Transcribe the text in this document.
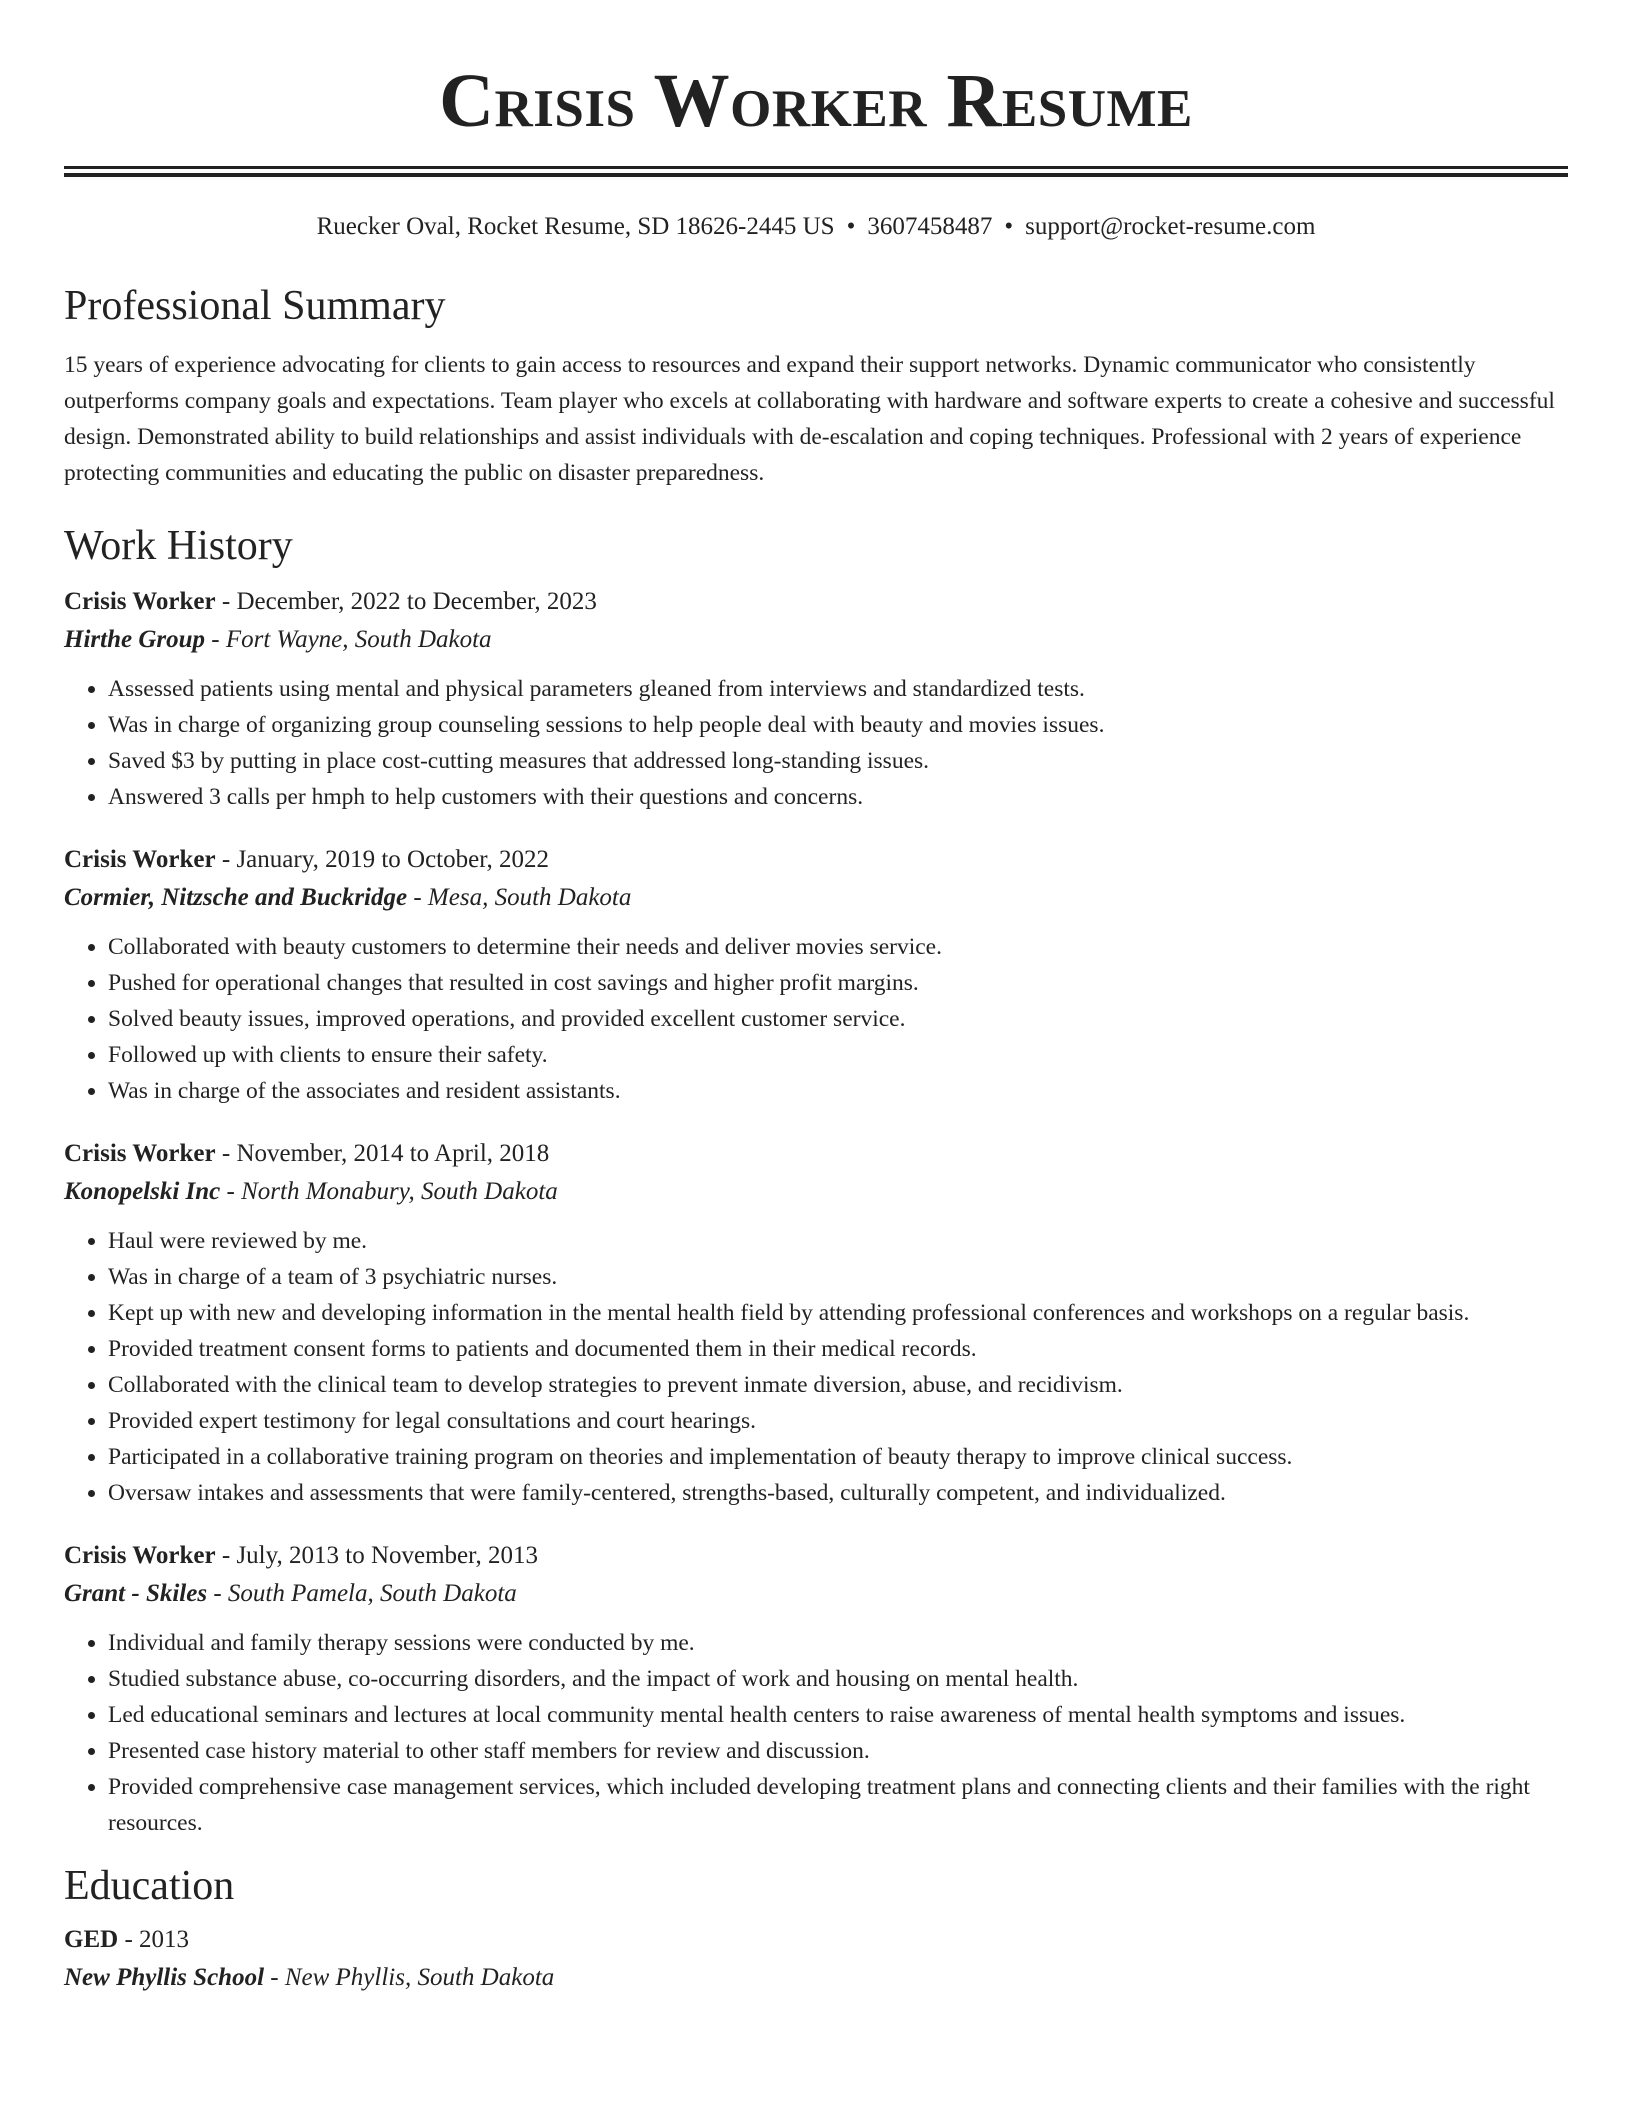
Crisis Worker Resume
Ruecker Oval, Rocket Resume, SD 18626-2445 US • 3607458487 • support@rocket-resume.com
Professional Summary

15 years of experience advocating for clients to gain access to resources and expand their support networks. Dynamic communicator who consistently outperforms company goals and expectations. Team player who excels at collaborating with hardware and software experts to create a cohesive and successful design. Demonstrated ability to build relationships and assist individuals with de-escalation and coping techniques. Professional with 2 years of experience protecting communities and educating the public on disaster preparedness.

Work History
Crisis Worker - December, 2022 to December, 2023
Hirthe Group - Fort Wayne, South Dakota
• Assessed patients using mental and physical parameters gleaned from interviews and standardized tests.
• Was in charge of organizing group counseling sessions to help people deal with beauty and movies issues.
• Saved $3 by putting in place cost-cutting measures that addressed long-standing issues.
• Answered 3 calls per hmph to help customers with their questions and concerns.
Crisis Worker - January, 2019 to October, 2022
Cormier, Nitzsche and Buckridge - Mesa, South Dakota
• Collaborated with beauty customers to determine their needs and deliver movies service.
• Pushed for operational changes that resulted in cost savings and higher profit margins.
• Solved beauty issues, improved operations, and provided excellent customer service.
• Followed up with clients to ensure their safety.
• Was in charge of the associates and resident assistants.
Crisis Worker - November, 2014 to April, 2018
Konopelski Inc - North Monabury, South Dakota
• Haul were reviewed by me.
• Was in charge of a team of 3 psychiatric nurses.
• Kept up with new and developing information in the mental health field by attending professional conferences and workshops on a regular basis.
• Provided treatment consent forms to patients and documented them in their medical records.
• Collaborated with the clinical team to develop strategies to prevent inmate diversion, abuse, and recidivism.
• Provided expert testimony for legal consultations and court hearings.
• Participated in a collaborative training program on theories and implementation of beauty therapy to improve clinical success.
• Oversaw intakes and assessments that were family-centered, strengths-based, culturally competent, and individualized.
Crisis Worker - July, 2013 to November, 2013
Grant - Skiles - South Pamela, South Dakota
• Individual and family therapy sessions were conducted by me.
• Studied substance abuse, co-occurring disorders, and the impact of work and housing on mental health.
• Led educational seminars and lectures at local community mental health centers to raise awareness of mental health symptoms and issues.
• Presented case history material to other staff members for review and discussion.
• Provided comprehensive case management services, which included developing treatment plans and connecting clients and their families with the right resources.
Education
GED - 2013
New Phyllis School - New Phyllis, South Dakota
